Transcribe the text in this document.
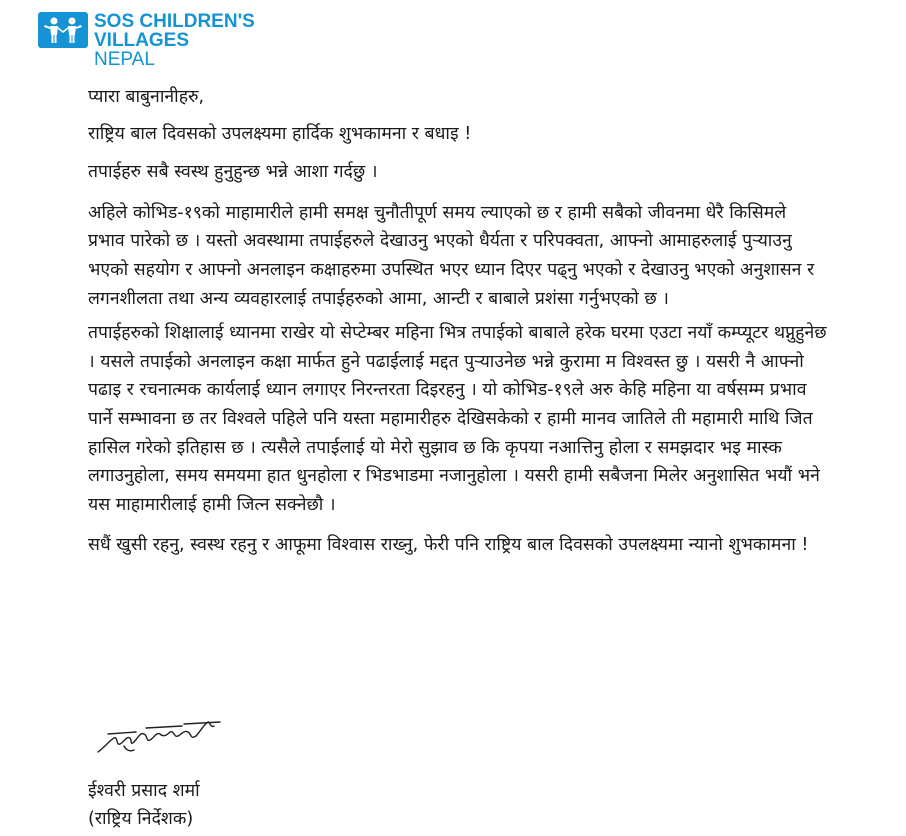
SOS CHILDREN'S
VILLAGES
NEPAL

प्यारा बाबुनानीहरु,

राष्ट्रिय बाल दिवसको उपलक्ष्यमा हार्दिक शुभकामना र बधाइ !

तपाईहरु सबै स्वस्थ हुनुहुन्छ भन्ने आशा गर्दछु ।

अहिले कोभिड-१९को माहामारीले हामी समक्ष चुनौतीपूर्ण समय ल्याएको छ र हामी सबैको जीवनमा धेरै किसिमले प्रभाव पारेको छ । यस्तो अवस्थामा तपाईहरुले देखाउनु भएको धैर्यता र परिपक्वता, आफ्नो आमाहरुलाई पुऱ्याउनु भएको सहयोग र आफ्नो अनलाइन कक्षाहरुमा उपस्थित भएर ध्यान दिएर पढ्नु भएको र देखाउनु भएको अनुशासन र लगनशीलता तथा अन्य व्यवहारलाई तपाईहरुको आमा, आन्टी र बाबाले प्रशंसा गर्नुभएको छ ।

तपाईहरुको शिक्षालाई ध्यानमा राखेर यो सेप्टेम्बर महिना भित्र तपाईको बाबाले हरेक घरमा एउटा नयाँ कम्प्यूटर थप्नुहुनेछ । यसले तपाईको अनलाइन कक्षा मार्फत हुने पढाईलाई मद्दत पुऱ्याउनेछ भन्ने कुरामा म विश्वस्त छु । यसरी नै आफ्नो पढाइ र रचनात्मक कार्यलाई ध्यान लगाएर निरन्तरता दिइरहनु । यो कोभिड-१९ले अरु केहि महिना या वर्षसम्म प्रभाव पार्ने सम्भावना छ तर विश्वले पहिले पनि यस्ता महामारीहरु देखिसकेको र हामी मानव जातिले ती महामारी माथि जित हासिल गरेको इतिहास छ । त्यसैले तपाईलाई यो मेरो सुझाव छ कि कृपया नआत्तिनु होला र समझदार भइ मास्क लगाउनुहोला, समय समयमा हात धुनहोला र भिडभाडमा नजानुहोला । यसरी हामी सबैजना मिलेर अनुशासित भयौं भने यस माहामारीलाई हामी जित्न सक्नेछौ ।

सधैं खुसी रहनु, स्वस्थ रहनु र आफूमा विश्वास राख्नु, फेरी पनि राष्ट्रिय बाल दिवसको उपलक्ष्यमा न्यानो शुभकामना !

ईश्वरी प्रसाद शर्मा
(राष्ट्रिय निर्देशक)
